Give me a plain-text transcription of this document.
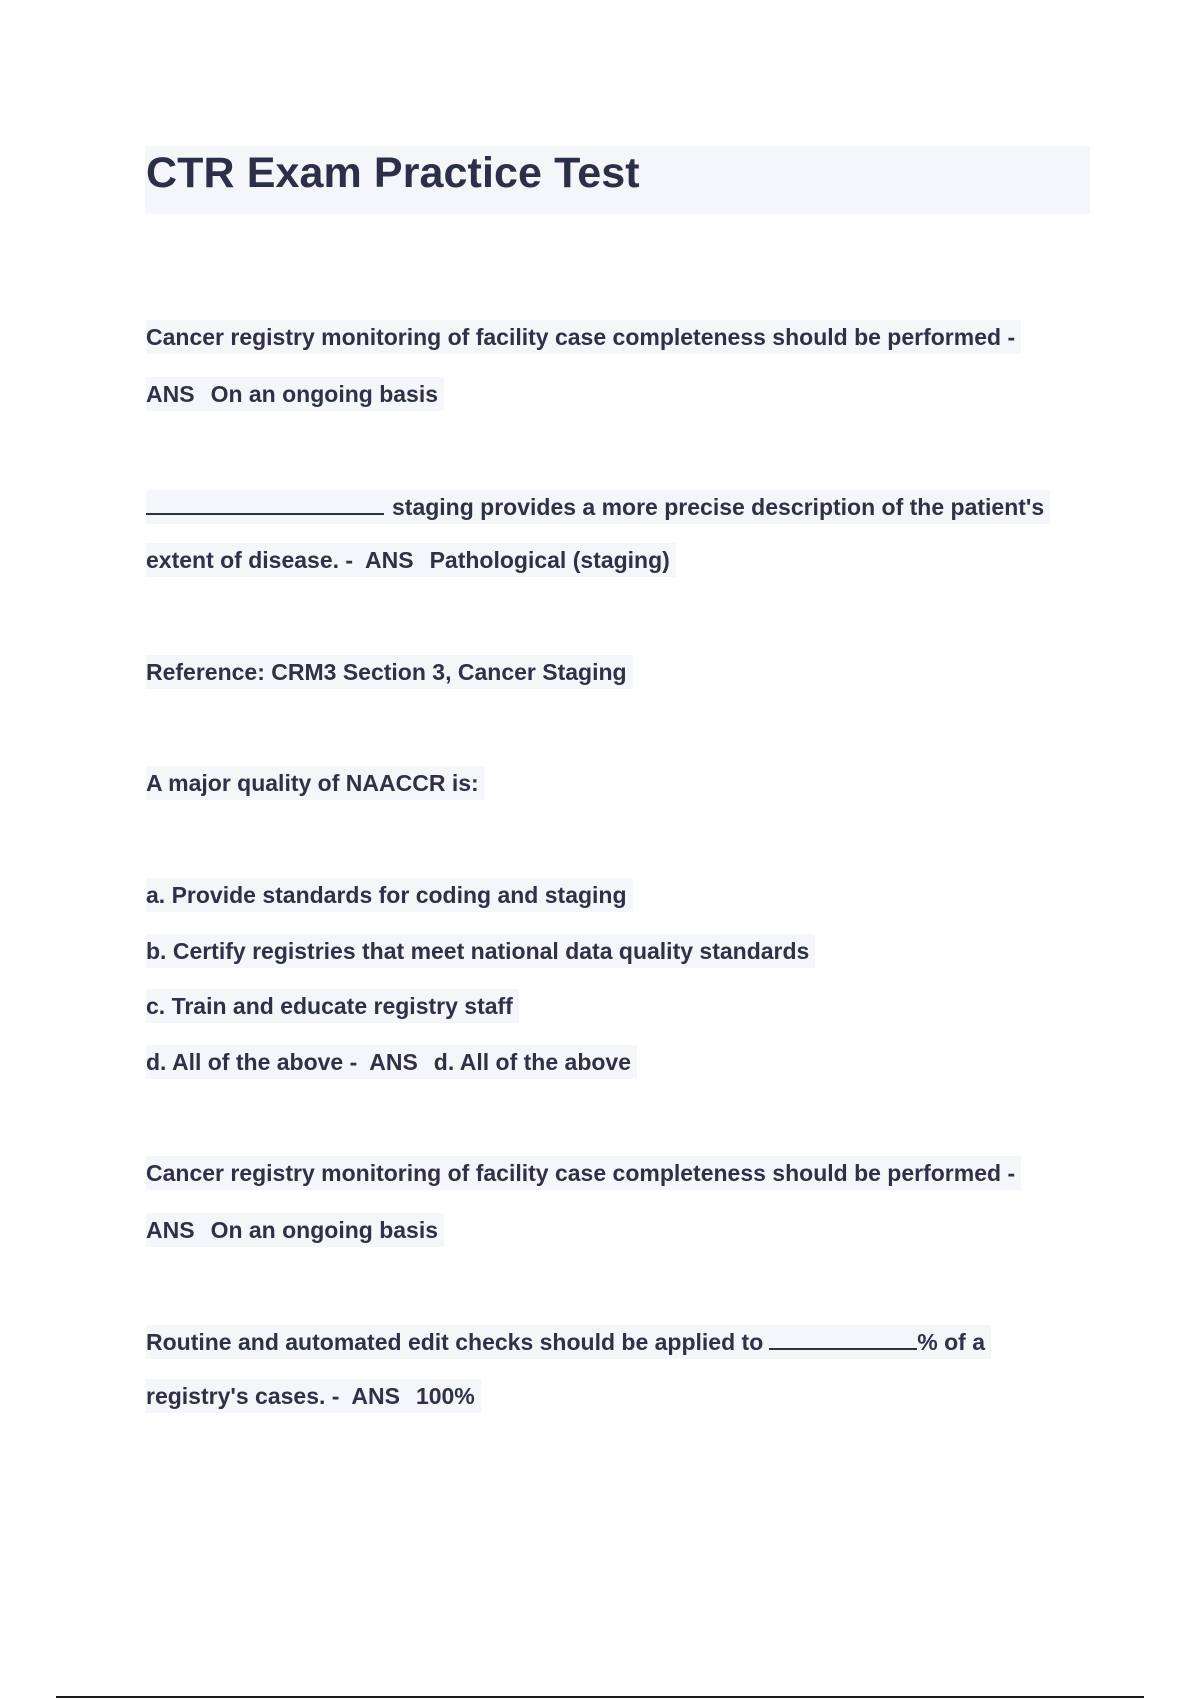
CTR Exam Practice Test

Cancer registry monitoring of facility case completeness should be performed -

ANS On an ongoing basis

staging provides a more precise description of the patient's

extent of disease. - ANS Pathological (staging)

Reference: CRM3 Section 3, Cancer Staging

A major quality of NAACCR is:

a. Provide standards for coding and staging

b. Certify registries that meet national data quality standards

c. Train and educate registry staff

d. All of the above - ANS d. All of the above

Cancer registry monitoring of facility case completeness should be performed -

ANS On an ongoing basis

Routine and automated edit checks should be applied to	% of a

registry's cases. - ANS 100%
